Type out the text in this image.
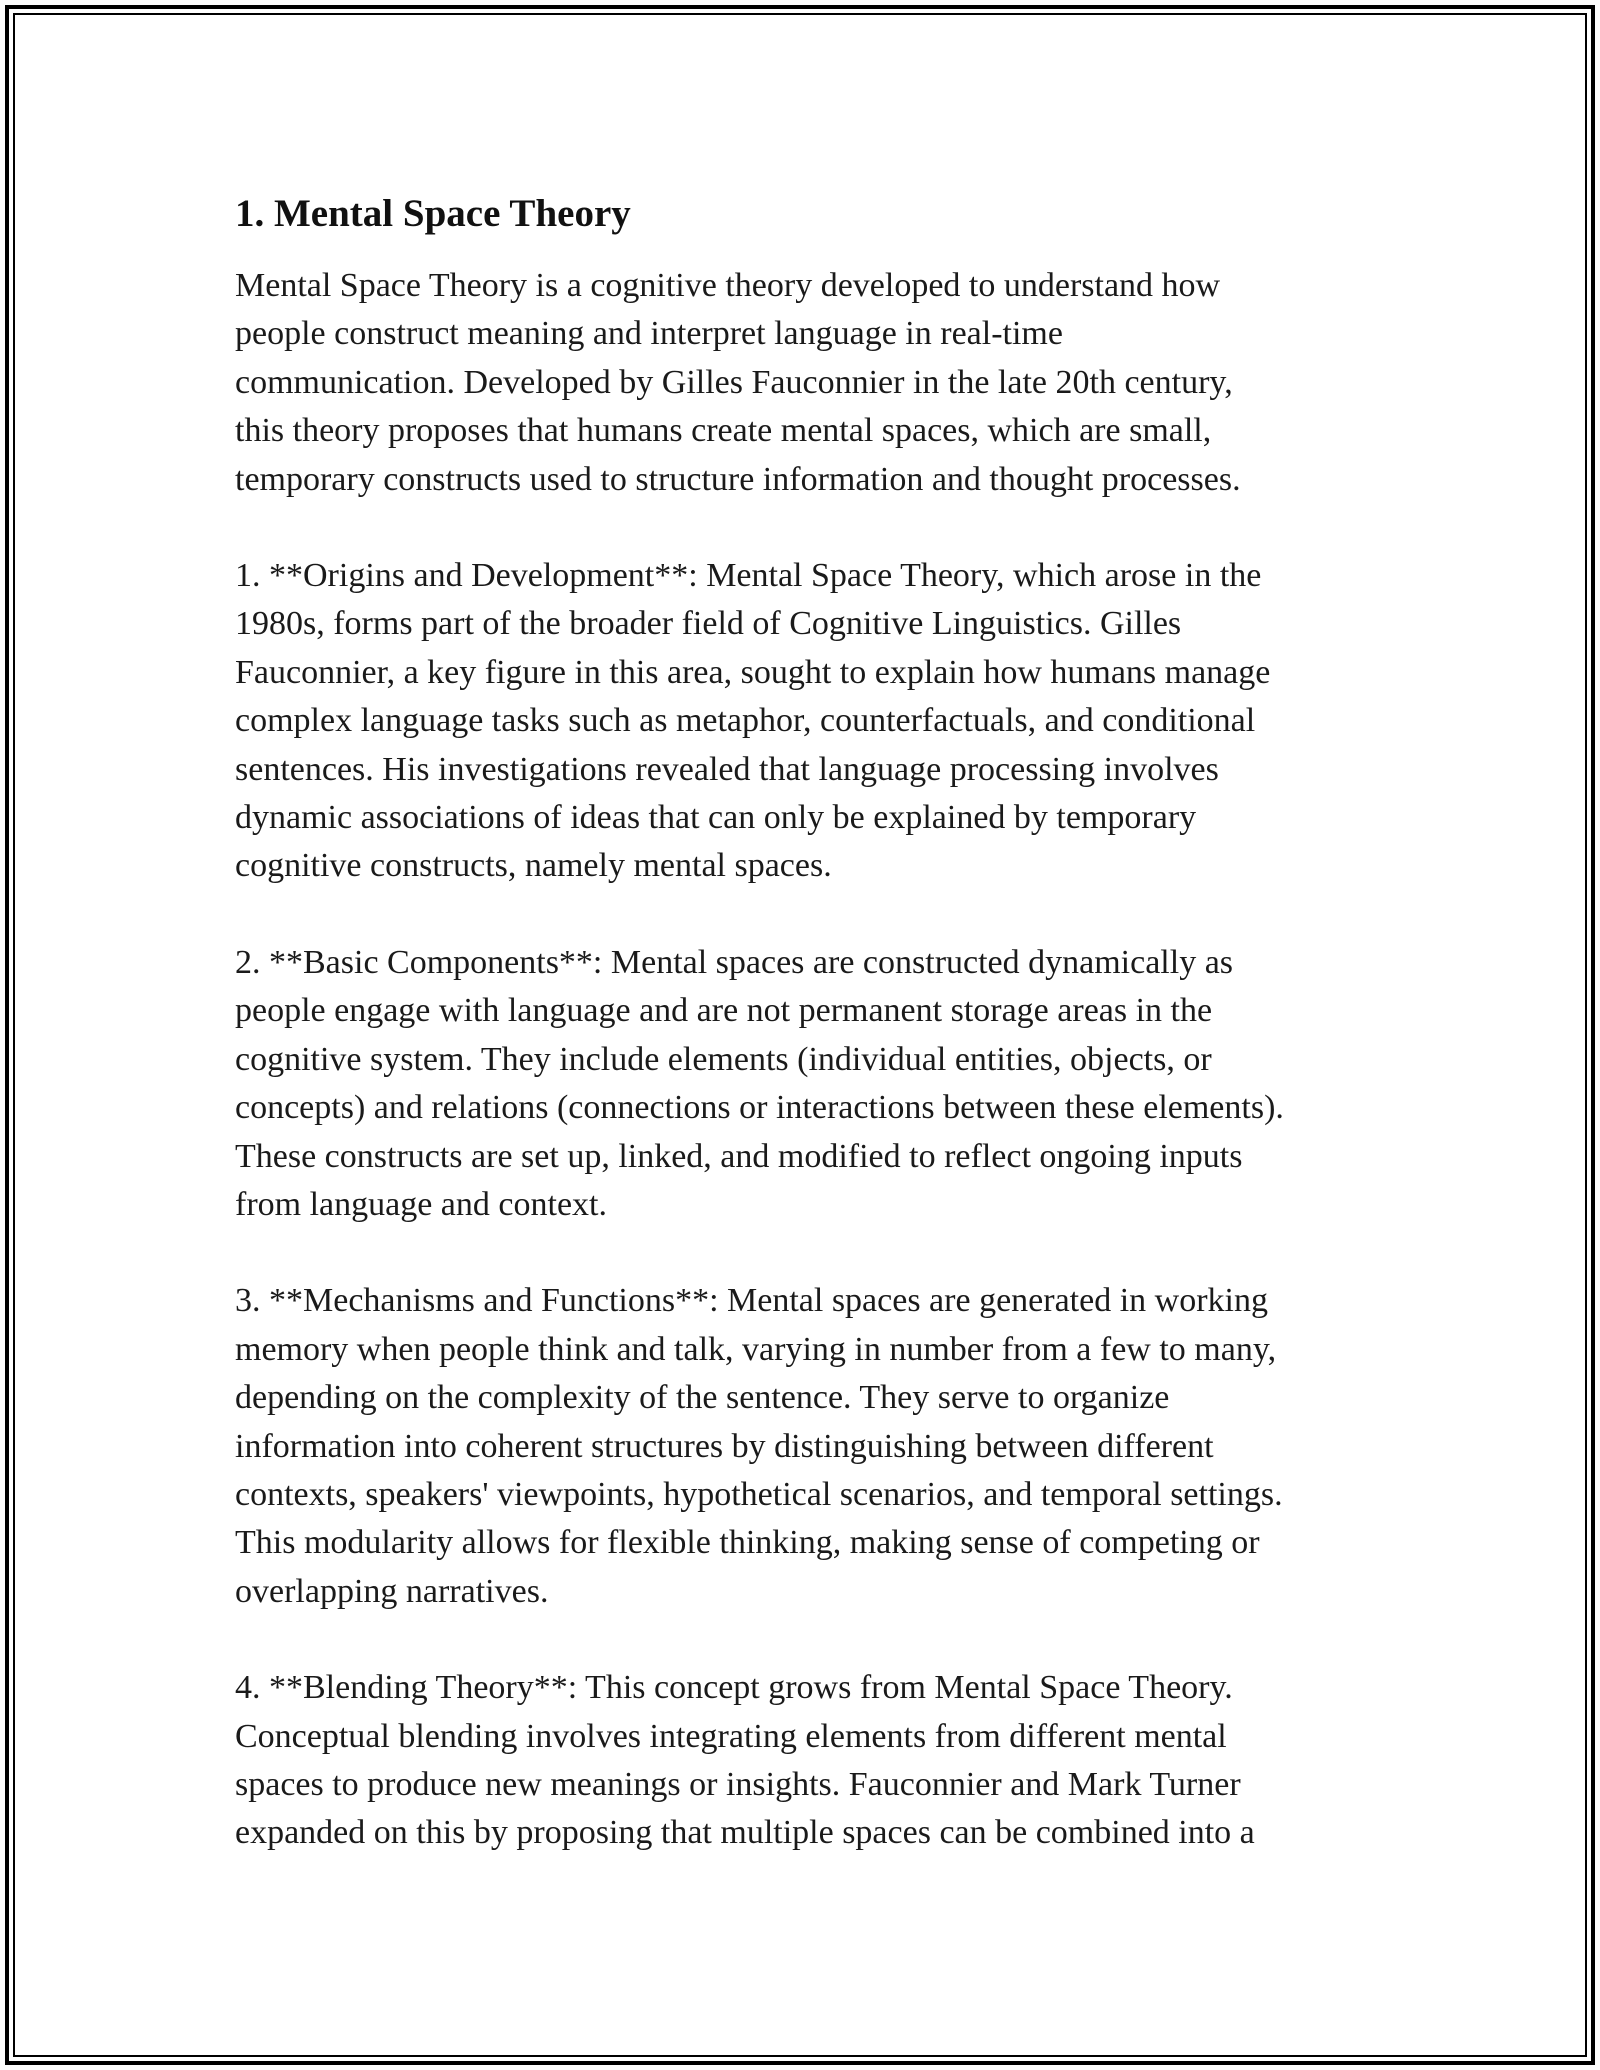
1. Mental Space Theory

Mental Space Theory is a cognitive theory developed to understand how
people construct meaning and interpret language in real-time
communication. Developed by Gilles Fauconnier in the late 20th century,
this theory proposes that humans create mental spaces, which are small,
temporary constructs used to structure information and thought processes.

1. **Origins and Development**: Mental Space Theory, which arose in the
1980s, forms part of the broader field of Cognitive Linguistics. Gilles
Fauconnier, a key figure in this area, sought to explain how humans manage
complex language tasks such as metaphor, counterfactuals, and conditional
sentences. His investigations revealed that language processing involves
dynamic associations of ideas that can only be explained by temporary
cognitive constructs, namely mental spaces.

2. **Basic Components**: Mental spaces are constructed dynamically as
people engage with language and are not permanent storage areas in the
cognitive system. They include elements (individual entities, objects, or
concepts) and relations (connections or interactions between these elements).
These constructs are set up, linked, and modified to reflect ongoing inputs
from language and context.

3. **Mechanisms and Functions**: Mental spaces are generated in working
memory when people think and talk, varying in number from a few to many,
depending on the complexity of the sentence. They serve to organize
information into coherent structures by distinguishing between different
contexts, speakers' viewpoints, hypothetical scenarios, and temporal settings.
This modularity allows for flexible thinking, making sense of competing or
overlapping narratives.

4. **Blending Theory**: This concept grows from Mental Space Theory.
Conceptual blending involves integrating elements from different mental
spaces to produce new meanings or insights. Fauconnier and Mark Turner
expanded on this by proposing that multiple spaces can be combined into a
